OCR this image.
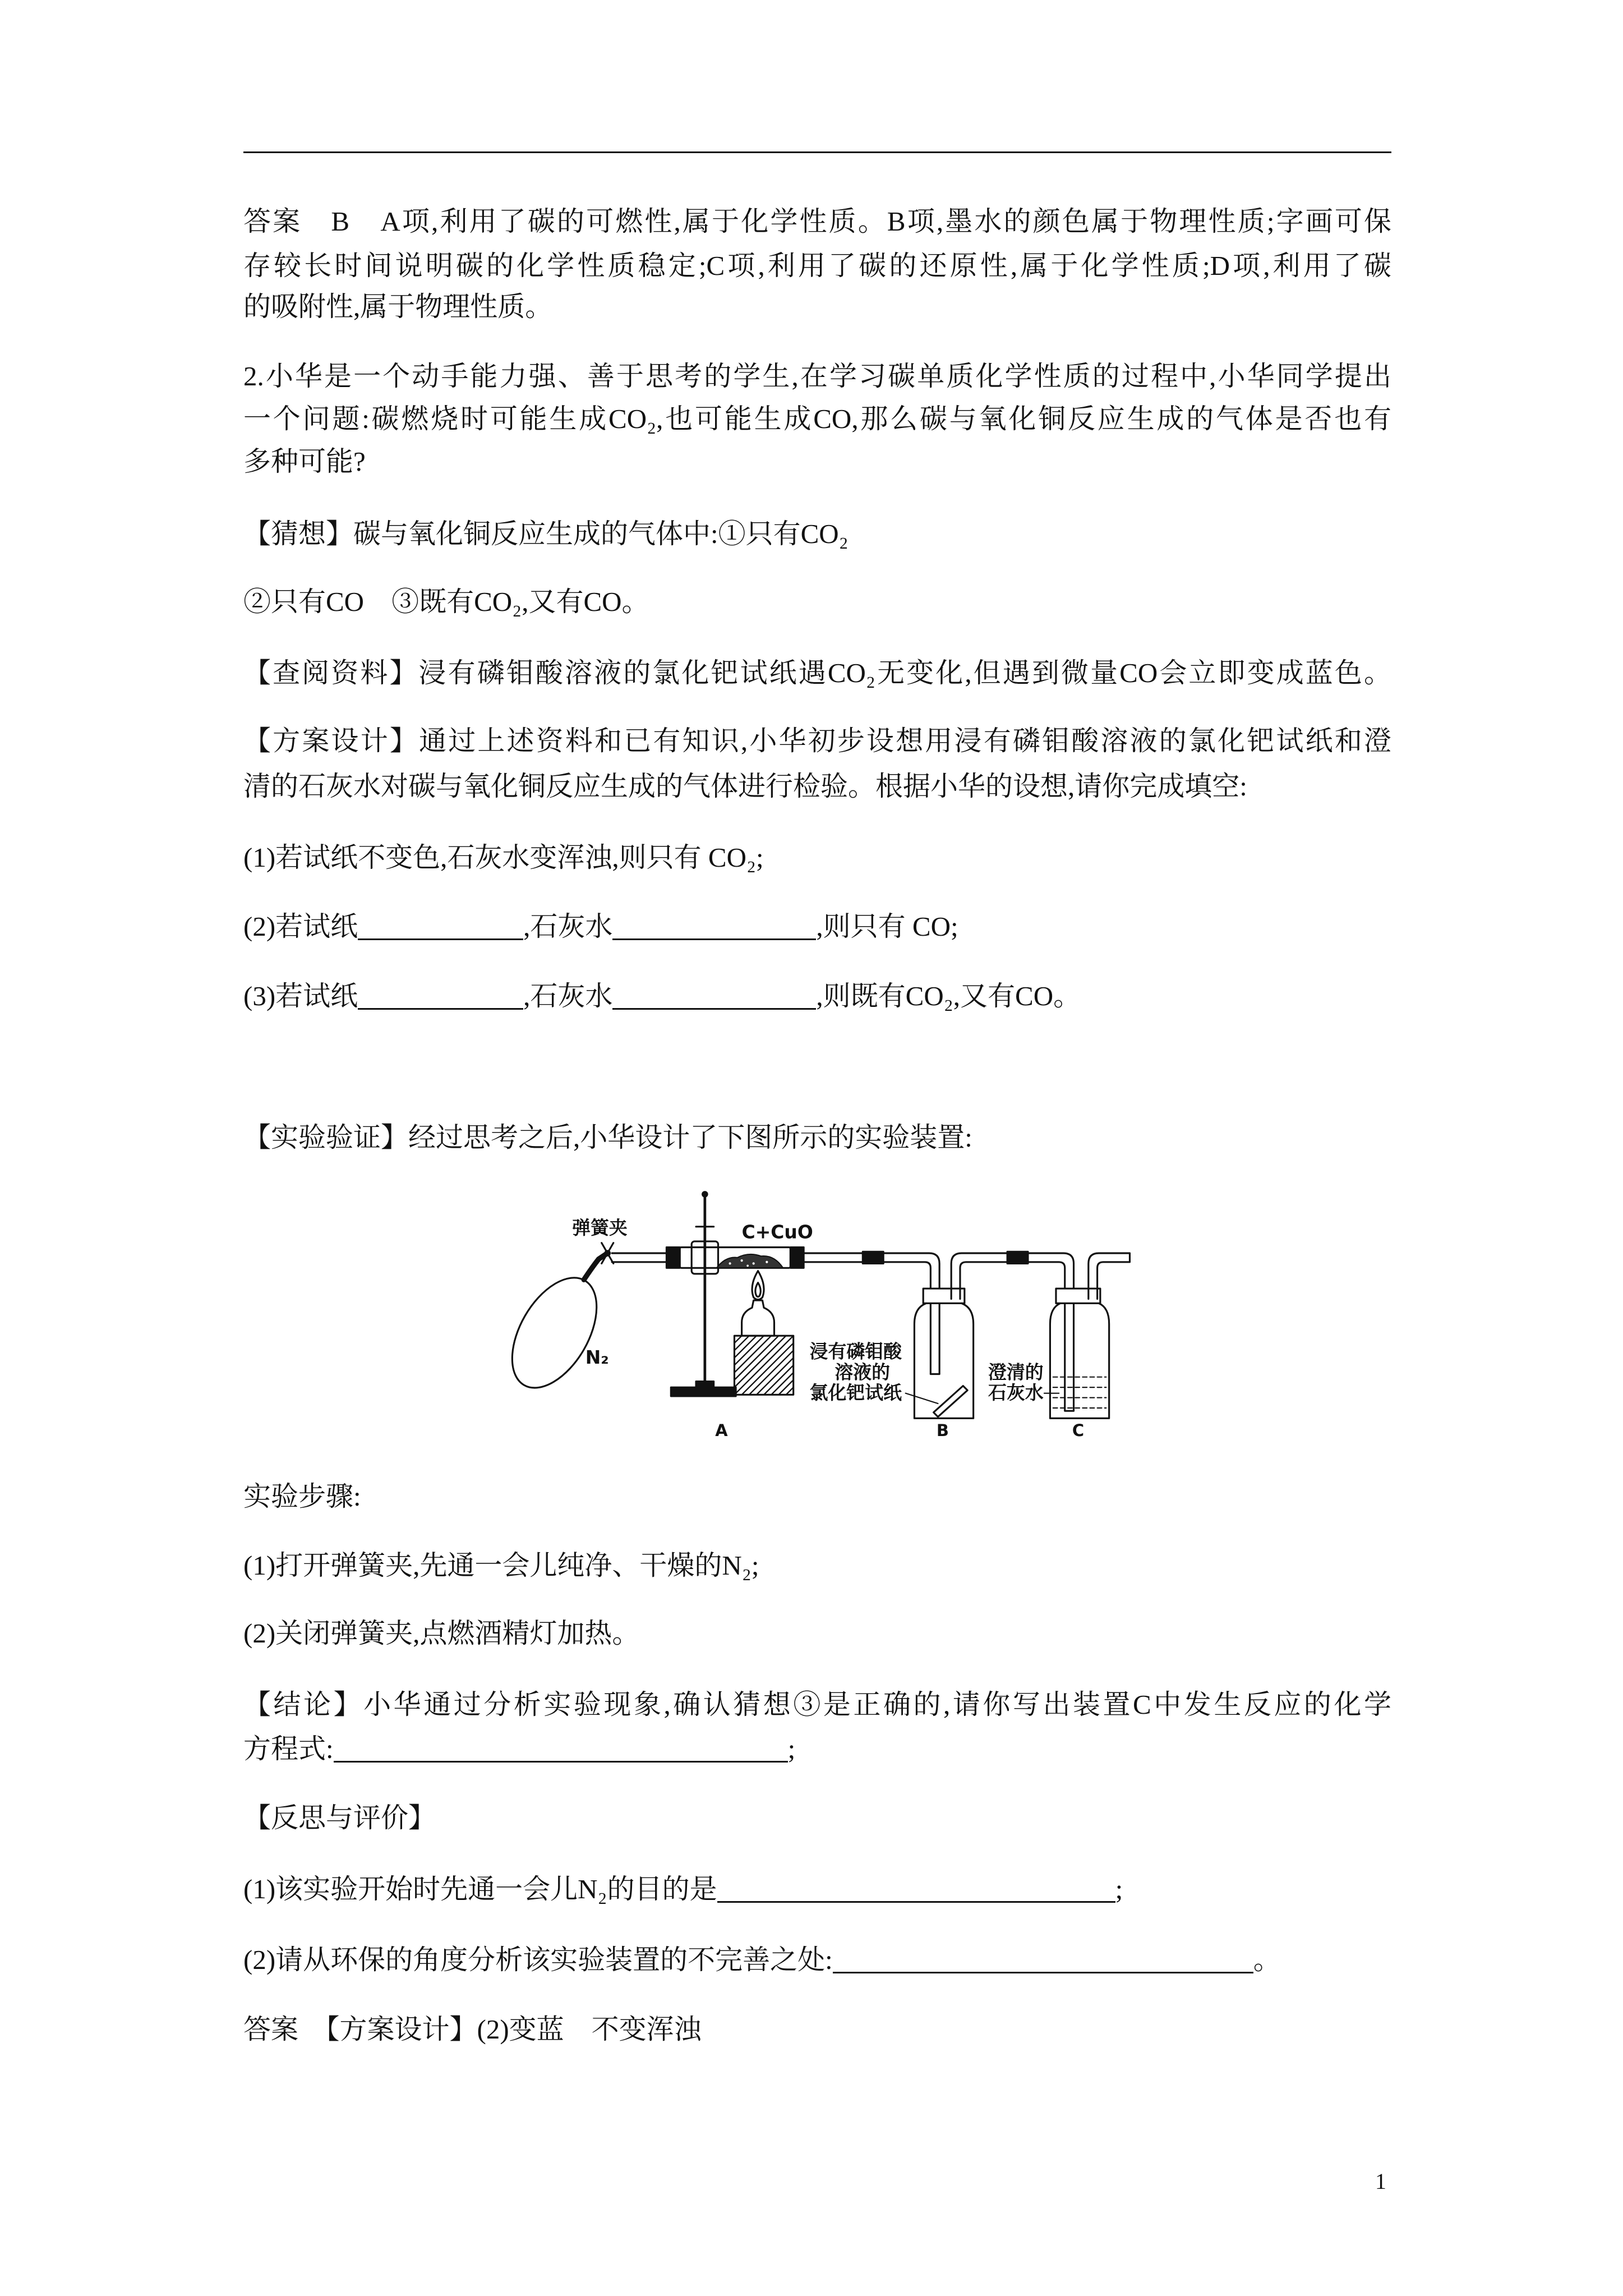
答案　B　A项,利用了碳的可燃性,属于化学性质。B项,墨水的颜色属于物理性质;字画可保
存较长时间说明碳的化学性质稳定;C项,利用了碳的还原性,属于化学性质;D项,利用了碳
的吸附性,属于物理性质。
2.小华是一个动手能力强、善于思考的学生,在学习碳单质化学性质的过程中,小华同学提出
一个问题:碳燃烧时可能生成CO₂,也可能生成CO,那么碳与氧化铜反应生成的气体是否也有
多种可能?
【猜想】碳与氧化铜反应生成的气体中:①只有CO₂
②只有CO　③既有CO₂,又有CO。
【查阅资料】浸有磷钼酸溶液的氯化钯试纸遇CO₂无变化,但遇到微量CO会立即变成蓝色。
【方案设计】通过上述资料和已有知识,小华初步设想用浸有磷钼酸溶液的氯化钯试纸和澄
清的石灰水对碳与氧化铜反应生成的气体进行检验。根据小华的设想,请你完成填空:
(1)若试纸不变色,石灰水变浑浊,则只有 CO₂;
(2)若试纸	,石灰水	,则只有 CO;
(3)若试纸	,石灰水	,则既有CO₂,又有CO。
【实验验证】经过思考之后,小华设计了下图所示的实验装置:
弹簧夹	C+CuO
N₂	浸有磷钼酸
溶液的
氯化钯试纸
澄清的
石灰水
A	B	C
实验步骤:
(1)打开弹簧夹,先通一会儿纯净、干燥的N₂;
(2)关闭弹簧夹,点燃酒精灯加热。
【结论】小华通过分析实验现象,确认猜想③是正确的,请你写出装置C中发生反应的化学
方程式:	;
【反思与评价】
(1)该实验开始时先通一会儿N₂的目的是	;
(2)请从环保的角度分析该实验装置的不完善之处:	。
答案　【方案设计】(2)变蓝　不变浑浊
1
